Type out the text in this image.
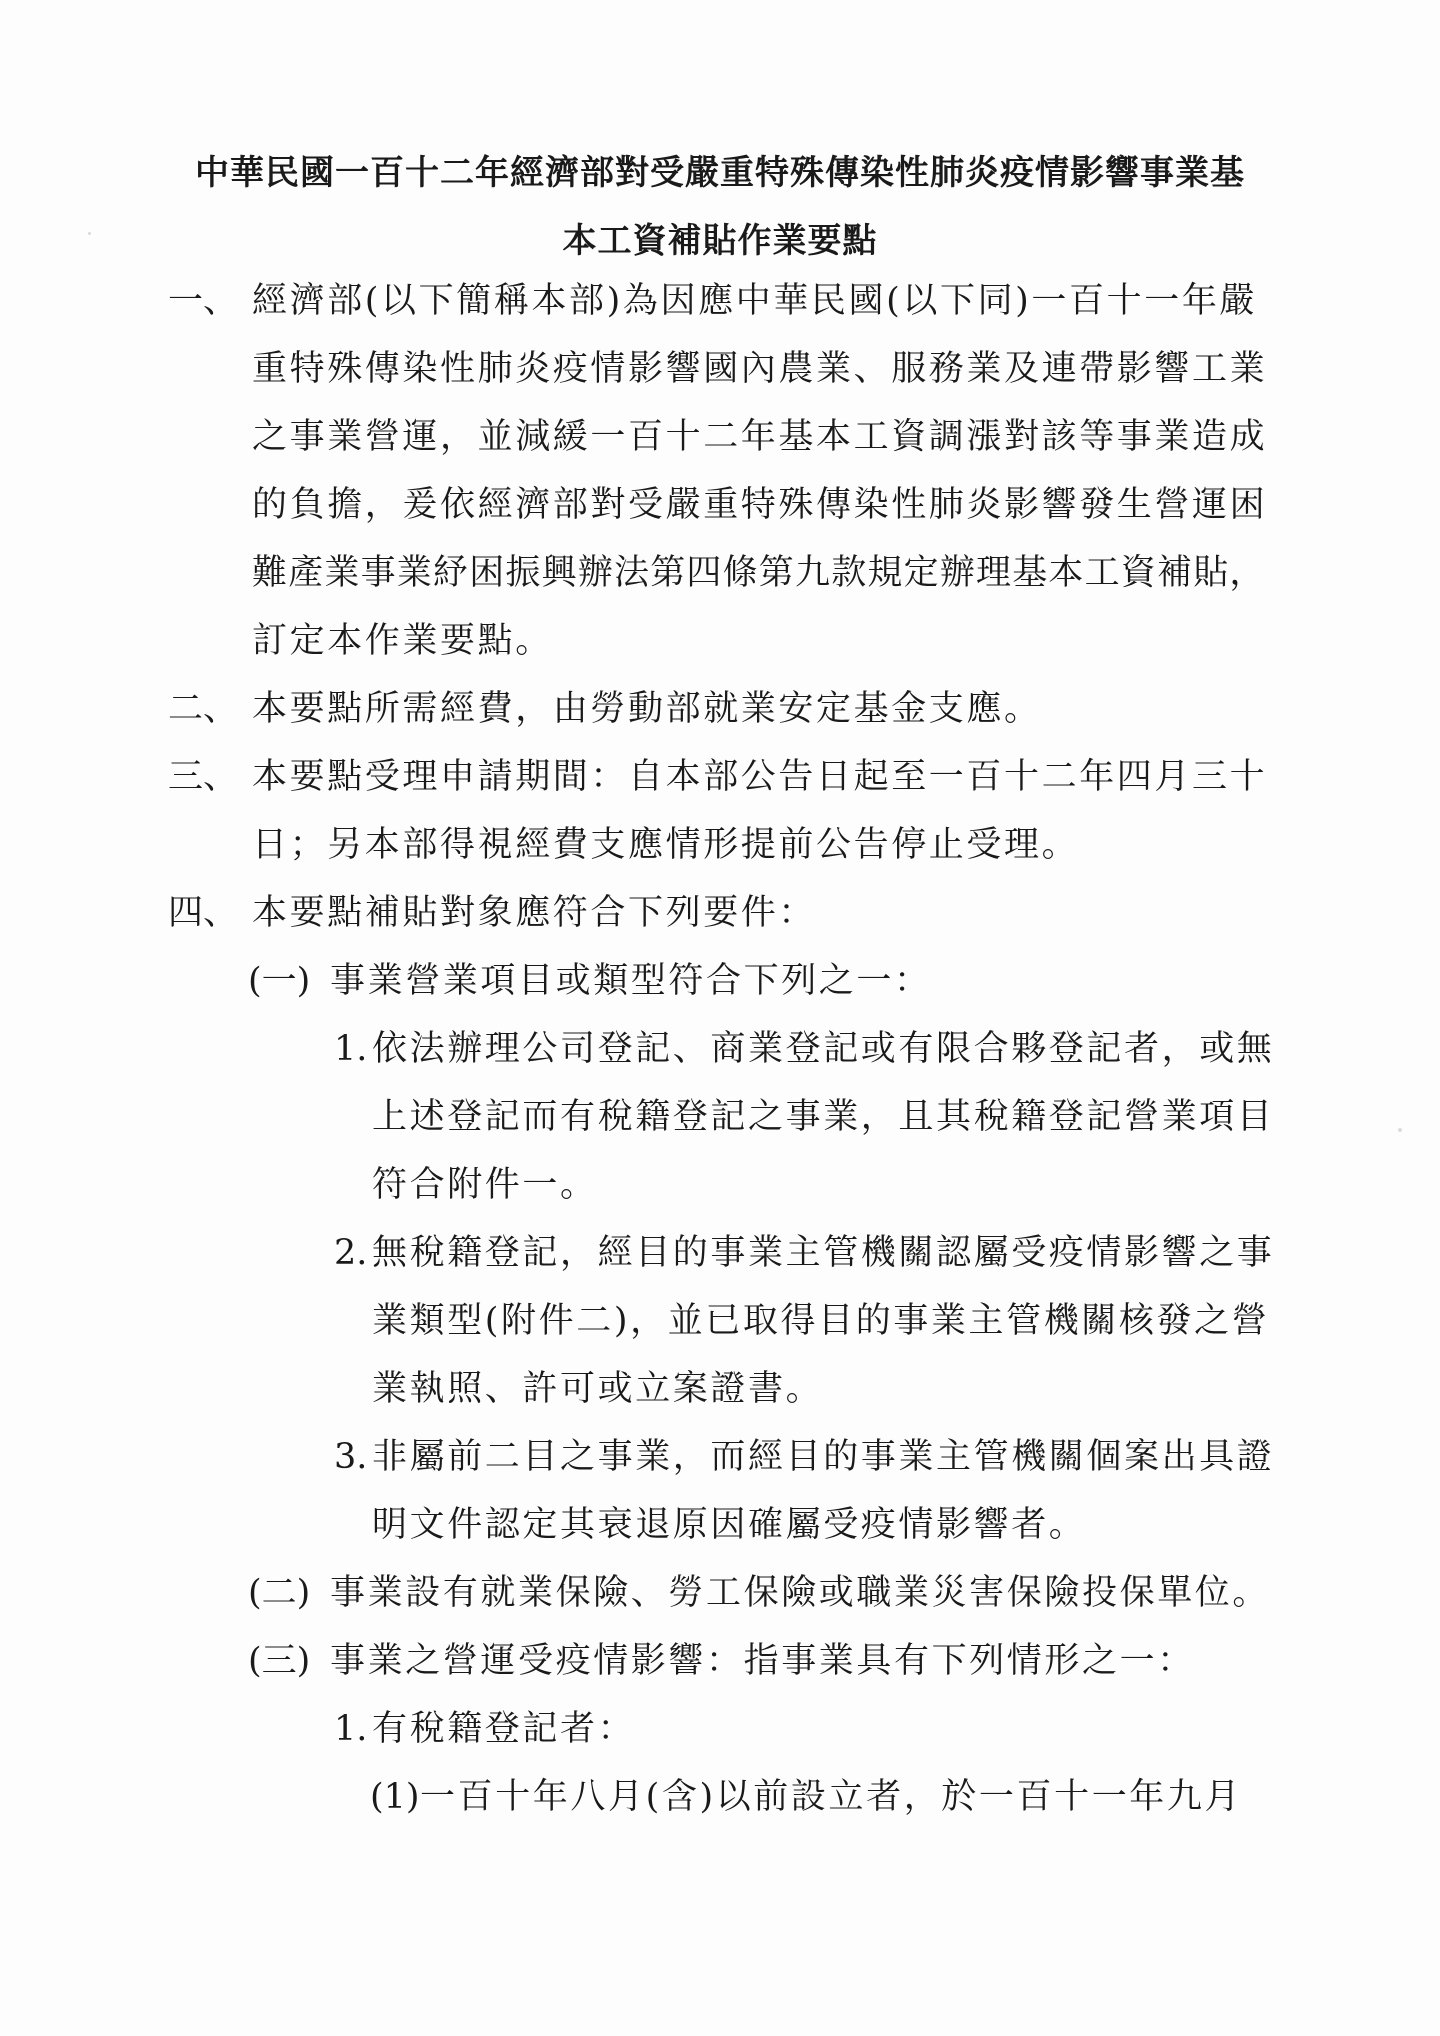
中華民國一百十二年經濟部對受嚴重特殊傳染性肺炎疫情影響事業基
本工資補貼作業要點
一、 經濟部(以下簡稱本部)為因應中華民國(以下同)一百十一年嚴
重特殊傳染性肺炎疫情影響國內農業、服務業及連帶影響工業
之事業營運，並減緩一百十二年基本工資調漲對該等事業造成
的負擔，爰依經濟部對受嚴重特殊傳染性肺炎影響發生營運困
難產業事業紓困振興辦法第四條第九款規定辦理基本工資補貼，
訂定本作業要點。
二、 本要點所需經費，由勞動部就業安定基金支應。
三、 本要點受理申請期間：自本部公告日起至一百十二年四月三十
日；另本部得視經費支應情形提前公告停止受理。
四、 本要點補貼對象應符合下列要件：
(一) 事業營業項目或類型符合下列之一：
1. 依法辦理公司登記、商業登記或有限合夥登記者，或無
上述登記而有稅籍登記之事業，且其稅籍登記營業項目
符合附件一。
2. 無稅籍登記，經目的事業主管機關認屬受疫情影響之事
業類型(附件二)，並已取得目的事業主管機關核發之營
業執照、許可或立案證書。
3. 非屬前二目之事業，而經目的事業主管機關個案出具證
明文件認定其衰退原因確屬受疫情影響者。
(二) 事業設有就業保險、勞工保險或職業災害保險投保單位。
(三) 事業之營運受疫情影響：指事業具有下列情形之一：
1. 有稅籍登記者：
(1) 一百十年八月(含)以前設立者，於一百十一年九月
